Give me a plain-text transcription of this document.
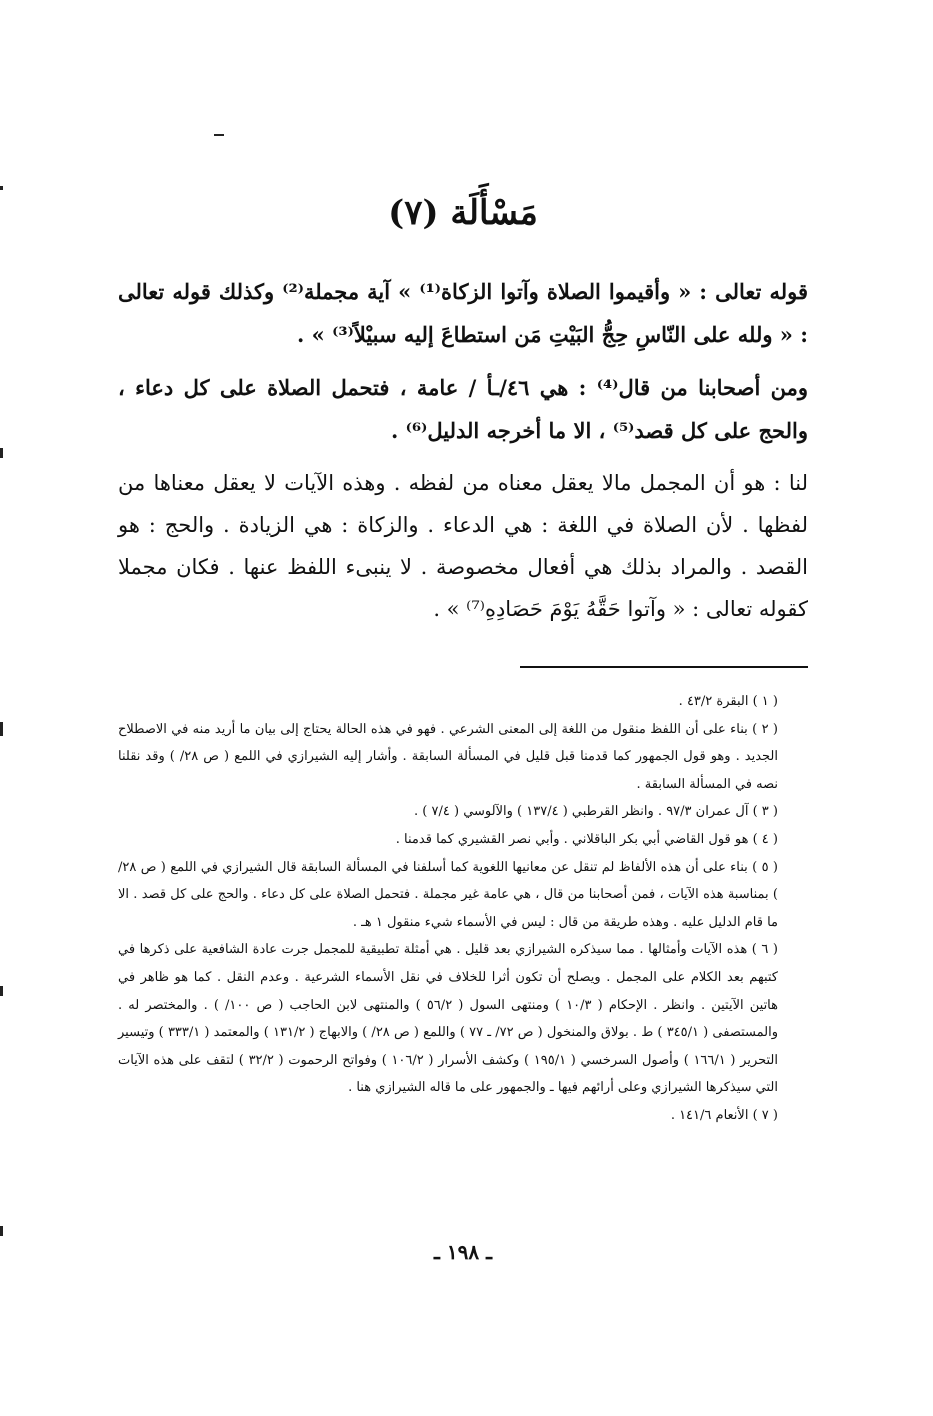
مَسْأَلَة (٧)

قوله تعالى : « وأقيموا الصلاة وآتوا الزكاة⁽¹⁾ » آية مجملة⁽²⁾ وكذلك قوله تعالى : « ولله على النّاسِ حِجُّ البَيْتِ مَن استطاعَ إليه سبيْلاً⁽³⁾ » .

ومن أصحابنا من قال⁽⁴⁾ : هي ٤٦/ـأ / عامة ، فتحمل الصلاة على كل دعاء ، والحج على كل قصد⁽⁵⁾ ، الا ما أخرجه الدليل⁽⁶⁾ .

لنا : هو أن المجمل مالا يعقل معناه من لفظه . وهذه الآيات لا يعقل معناها من لفظها . لأن الصلاة في اللغة : هي الدعاء . والزكاة : هي الزيادة . والحج : هو القصد . والمراد بذلك هي أفعال مخصوصة . لا ينبىء اللفظ عنها . فكان مجملا كقوله تعالى : « وآتوا حَقَّهُ يَوْمَ حَصَادِهِ⁽⁷⁾ » .

( ١ ) البقرة ٤٣/٢ .

( ٢ ) بناء على أن اللفظ منقول من اللغة إلى المعنى الشرعي . فهو في هذه الحالة يحتاج إلى بيان ما أريد منه في الاصطلاح الجديد . وهو قول الجمهور كما قدمنا قبل قليل في المسألة السابقة . وأشار إليه الشيرازي في اللمع ( ص ٢٨/ ) وقد نقلنا نصه في المسألة السابقة .

( ٣ ) آل عمران ٩٧/٣ . وانظر القرطبي ( ١٣٧/٤ ) والآلوسي ( ٧/٤ ) .

( ٤ ) هو قول القاضي أبي بكر الباقلاني . وأبي نصر القشيري كما قدمنا .

( ٥ ) بناء على أن هذه الألفاظ لم تنقل عن معانيها اللغوية كما أسلفنا في المسألة السابقة قال الشيرازي في اللمع ( ص ٢٨/ ) بمناسبة هذه الآيات ، فمن أصحابنا من قال ، هي عامة غير مجملة . فتحمل الصلاة على كل دعاء . والحج على كل قصد . الا ما قام الدليل عليه . وهذه طريقة من قال : ليس في الأسماء شيء منقول ١ هـ .

( ٦ ) هذه الآيات وأمثالها . مما سيذكره الشيرازي بعد قليل . هي أمثلة تطبيقية للمجمل جرت عادة الشافعية على ذكرها في كتبهم بعد الكلام على المجمل . ويصلح أن تكون أثرا للخلاف في نقل الأسماء الشرعية . وعدم النقل . كما هو ظاهر في هاتين الآيتين . وانظر . الإحكام ( ١٠/٣ ) ومنتهى السول ( ٥٦/٢ ) والمنتهى لابن الحاجب ( ص ١٠٠/ ) . والمختصر له . والمستصفى ( ٣٤٥/١ ) ط . بولاق والمنخول ( ص ٧٢/ ـ ٧٧ ) واللمع ( ص ٢٨/ ) والابهاج ( ١٣١/٢ ) والمعتمد ( ٣٣٣/١ ) وتيسير التحرير ( ١٦٦/١ ) وأصول السرخسي ( ١٩٥/١ ) وكشف الأسرار ( ١٠٦/٢ ) وفواتح الرحموت ( ٣٢/٢ ) لتقف على هذه الآيات التي سيذكرها الشيرازي وعلى أرائهم فيها ـ والجمهور على ما قاله الشيرازي هنا .

( ٧ ) الأنعام ١٤١/٦ .

ـ ١٩٨ ـ
